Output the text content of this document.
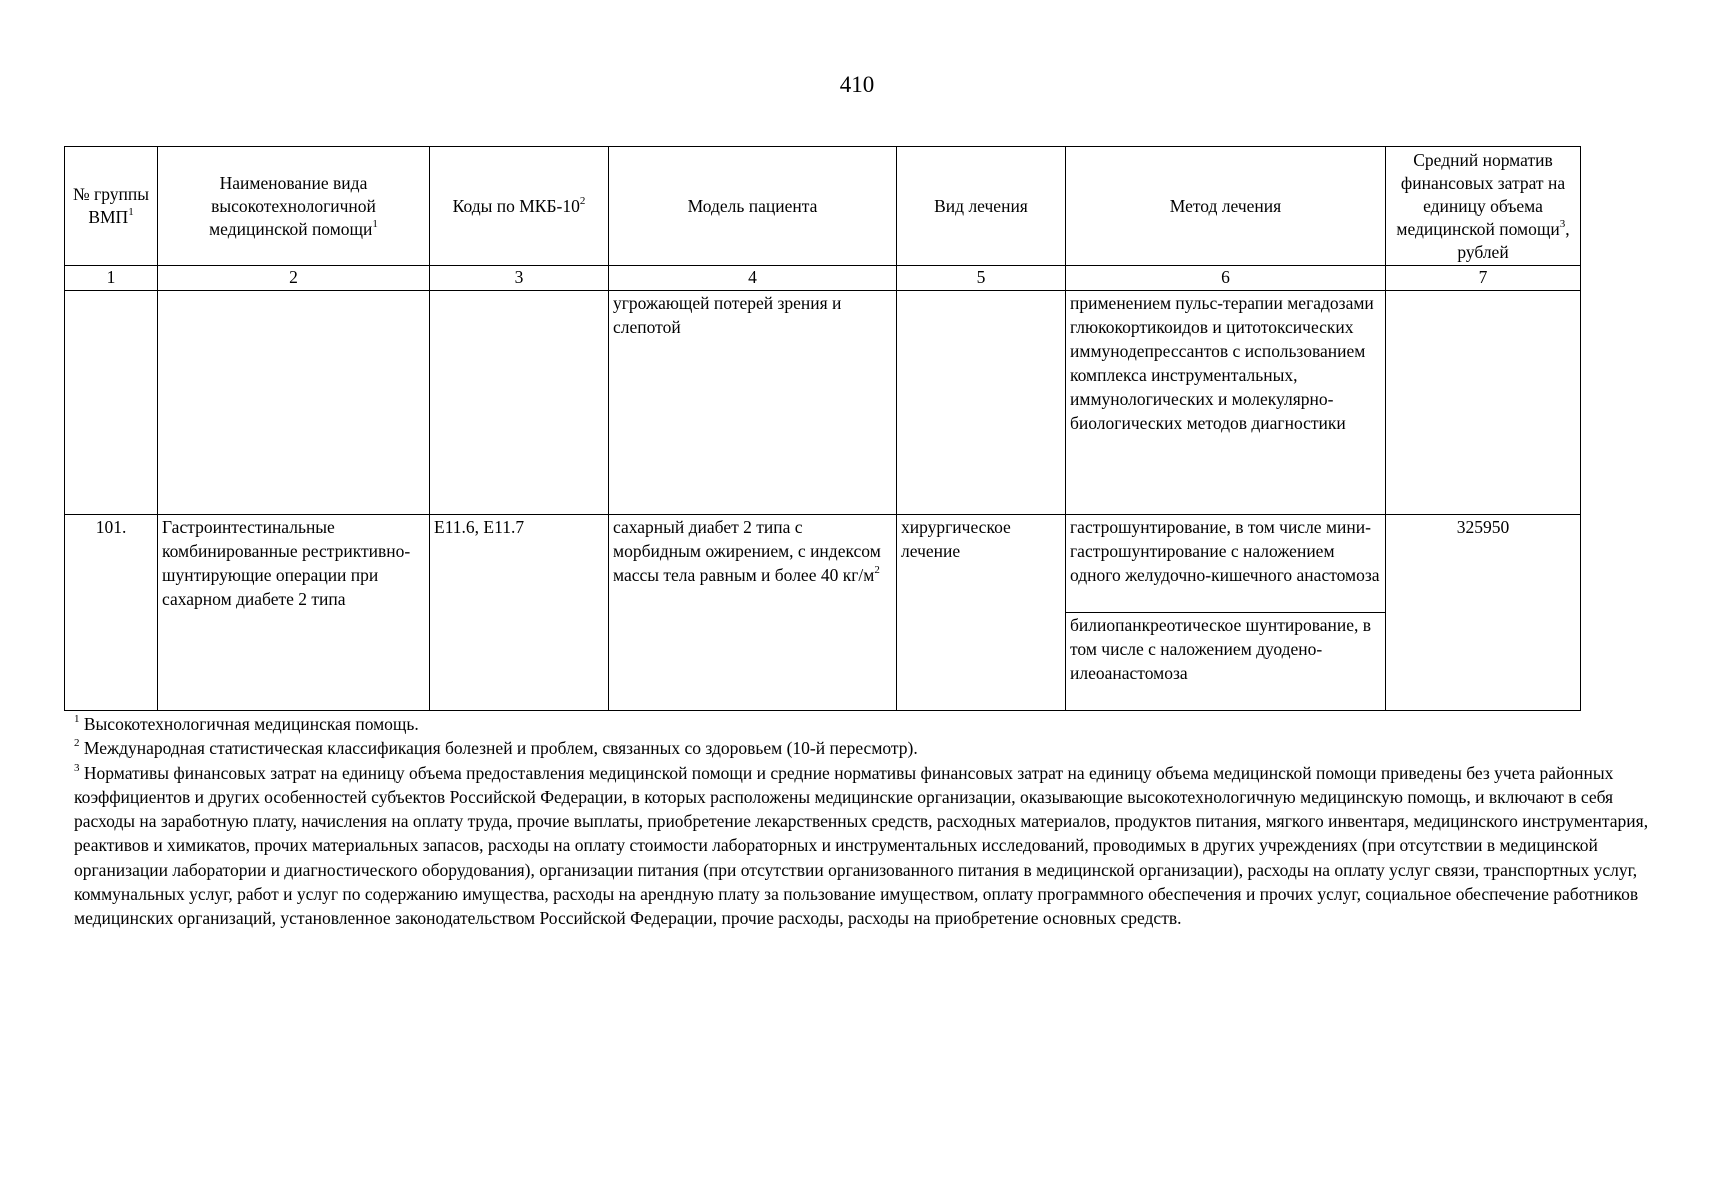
410
№ группы ВМП$^1$	Наименование вида высокотехнологичной медицинской помощи$^1$	Коды по МКБ-$10^2$	Модель пациента	Вид лечения	Метод лечения	Средний норматив финансовых затрат на единицу объема медицинской помощи$^3$, рублей
1	2	3	4	5	6	7
			угрожающей потерей зрения и слепотой		применением пульс-терапии мегадозами глюкокортикоидов и цитотоксических иммунодепрессантов с использованием комплекса инструментальных, иммунологических и молекулярно-биологических методов диагностики	
101.	Гастроинтестинальные комбинированные рестриктивно-шунтирующие операции при сахарном диабете 2 типа	E11.6, E11.7	сахарный диабет 2 типа с морбидным ожирением, с индексом массы тела равным и более 40 $кг/м^2$	хирургическое лечение	гастрошунтирование, в том числе мини-гастрошунтирование с наложением одного желудочно-кишечного анастомоза	325950
					билиопанкреотическое шунтирование, в том числе с наложением дуодено-илеоанастомоза	

$^1$ Высокотехнологичная медицинская помощь.

$^2$ Международная статистическая классификация болезней и проблем, связанных со здоровьем (10-й пересмотр).

$^3$ Нормативы финансовых затрат на единицу объема предоставления медицинской помощи и средние нормативы финансовых затрат на единицу объема медицинской помощи приведены без учета районных коэффициентов и других особенностей субъектов Российской Федерации, в которых расположены медицинские организации, оказывающие высокотехнологичную медицинскую помощь, и включают в себя расходы на заработную плату, начисления на оплату труда, прочие выплаты, приобретение лекарственных средств, расходных материалов, продуктов питания, мягкого инвентаря, медицинского инструментария, реактивов и химикатов, прочих материальных запасов, расходы на оплату стоимости лабораторных и инструментальных исследований, проводимых в других учреждениях (при отсутствии в медицинской организации лаборатории и диагностического оборудования), организации питания (при отсутствии организованного питания в медицинской организации), расходы на оплату услуг связи, транспортных услуг, коммунальных услуг, работ и услуг по содержанию имущества, расходы на арендную плату за пользование имуществом, оплату программного обеспечения и прочих услуг, социальное обеспечение работников медицинских организаций, установленное законодательством Российской Федерации, прочие расходы, расходы на приобретение основных средств.
